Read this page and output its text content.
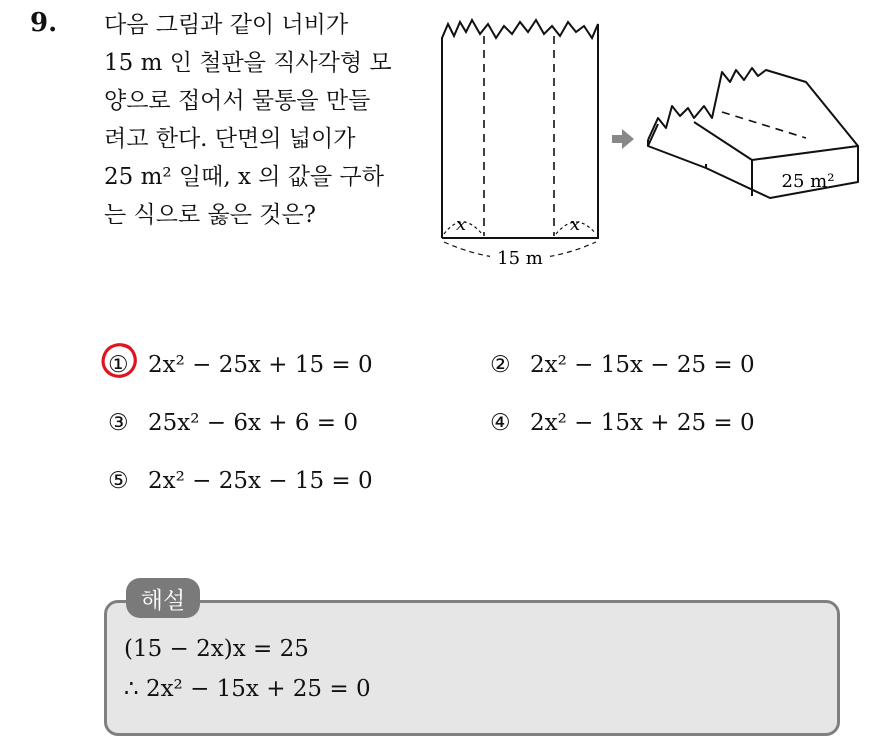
9. 다음 그림과 같이 너비가
15 m 인 철판을 직사각형 모
양으로 접어서 물통을 만들
려고 한다. 단면의 넓이가
25 m² 일때, x 의 값을 구하
는 식으로 옳은 것은?	x	x
15 m
25 m²
① 2x² − 25x + 15 = 0	② 2x² − 15x − 25 = 0
③ 25x² − 6x + 6 = 0	④ 2x² − 15x + 25 = 0
⑤ 2x² − 25x − 15 = 0
해설
(15 − 2x)x = 25
∴ 2x² − 15x + 25 = 0
